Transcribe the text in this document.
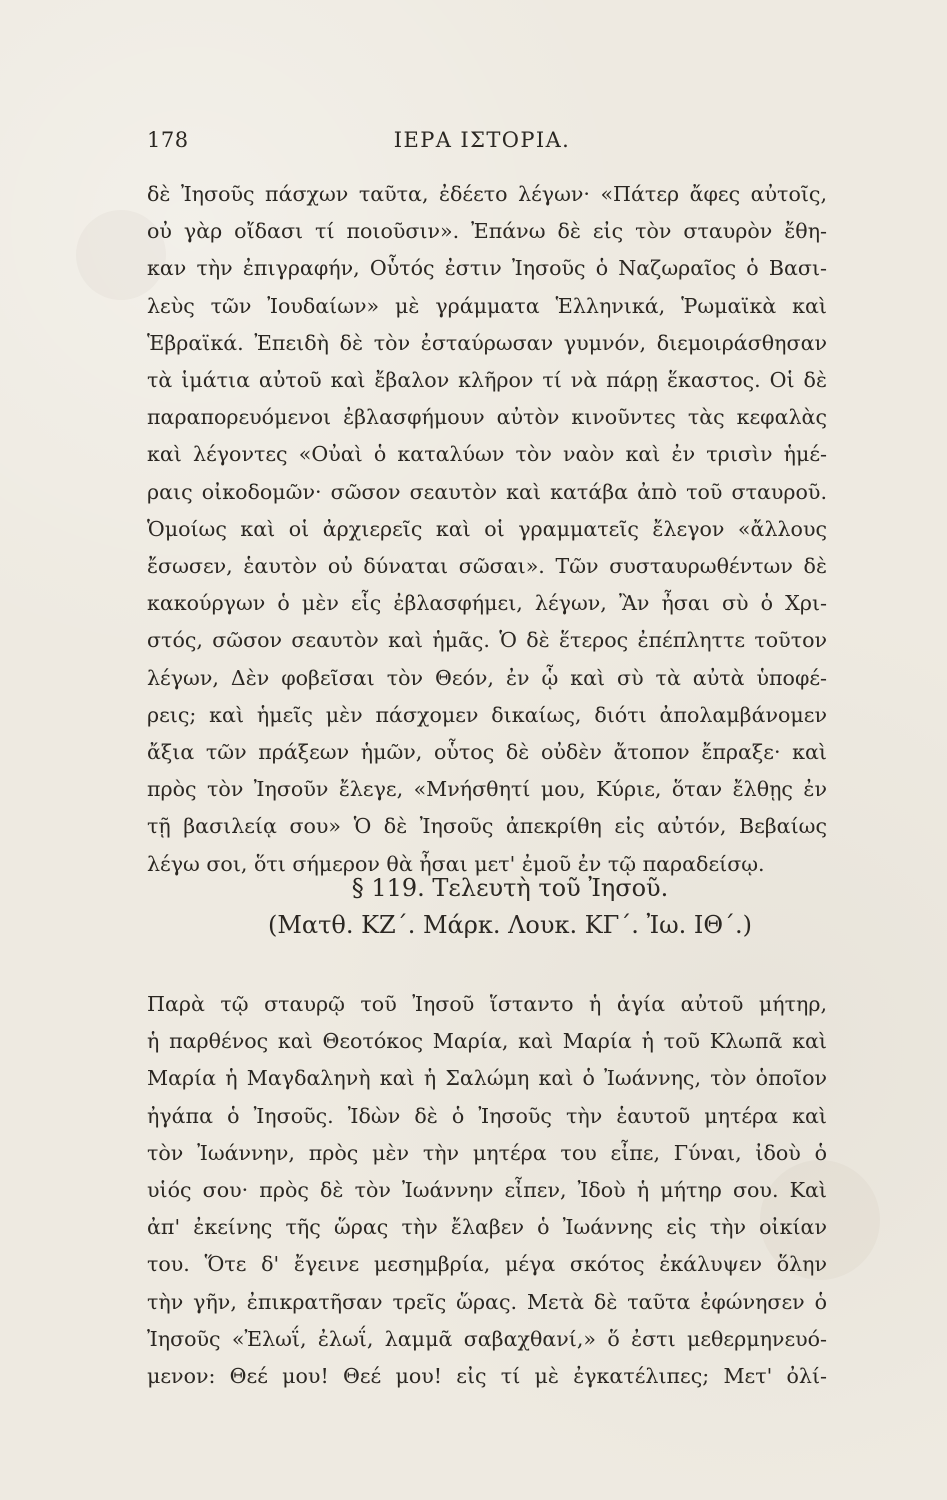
178	ΙΕΡΑ ΙΣΤΟΡΙΑ.
δὲ Ἰησοῦς πάσχων ταῦτα, ἐδέετο λέγων· «Πάτερ ἄφες αὐτοῖς,
οὐ γὰρ οἴδασι τί ποιοῦσιν». Ἐπάνω δὲ εἰς τὸν σταυρὸν ἔθη-
καν τὴν ἐπιγραφήν, Οὗτός ἐστιν Ἰησοῦς ὁ Ναζωραῖος ὁ Βασι-
λεὺς τῶν Ἰουδαίων» μὲ γράμματα Ἑλληνικά, Ῥωμαϊκὰ καὶ
Ἑβραϊκά. Ἐπειδὴ δὲ τὸν ἐσταύρωσαν γυμνόν, διεμοιράσθησαν
τὰ ἱμάτια αὐτοῦ καὶ ἔβαλον κλῆρον τί νὰ πάρῃ ἕκαστος. Οἱ δὲ
παραπορευόμενοι ἐβλασφήμουν αὐτὸν κινοῦντες τὰς κεφαλὰς
καὶ λέγοντες «Οὐαὶ ὁ καταλύων τὸν ναὸν καὶ ἐν τρισὶν ἡμέ-
ραις οἰκοδομῶν· σῶσον σεαυτὸν καὶ κατάβα ἀπὸ τοῦ σταυροῦ.
Ὁμοίως καὶ οἱ ἀρχιερεῖς καὶ οἱ γραμματεῖς ἔλεγον «ἄλλους
ἔσωσεν, ἑαυτὸν οὐ δύναται σῶσαι». Τῶν συσταυρωθέντων δὲ
κακούργων ὁ μὲν εἷς ἐβλασφήμει, λέγων, Ἂν ἦσαι σὺ ὁ Χρι-
στός, σῶσον σεαυτὸν καὶ ἡμᾶς. Ὁ δὲ ἕτερος ἐπέπληττε τοῦτον
λέγων, Δὲν φοβεῖσαι τὸν Θεόν, ἐν ᾧ καὶ σὺ τὰ αὐτὰ ὑποφέ-
ρεις; καὶ ἡμεῖς μὲν πάσχομεν δικαίως, διότι ἀπολαμβάνομεν
ἄξια τῶν πράξεων ἡμῶν, οὗτος δὲ οὐδὲν ἄτοπον ἔπραξε· καὶ
πρὸς τὸν Ἰησοῦν ἔλεγε, «Μνήσθητί μου, Κύριε, ὅταν ἔλθῃς ἐν
τῇ βασιλείᾳ σου» Ὁ δὲ Ἰησοῦς ἀπεκρίθη εἰς αὐτόν, Βεβαίως
λέγω σοι, ὅτι σήμερον θὰ ἦσαι μετ' ἐμοῦ ἐν τῷ παραδείσῳ.
§ 119. Τελευτὴ τοῦ Ἰησοῦ.
(Ματθ. ΚΖ΄. Μάρκ. Λουκ. ΚΓ΄. Ἰω. ΙΘ΄.)
Παρὰ τῷ σταυρῷ τοῦ Ἰησοῦ ἵσταντο ἡ ἁγία αὐτοῦ μήτηρ,
ἡ παρθένος καὶ Θεοτόκος Μαρία, καὶ Μαρία ἡ τοῦ Κλωπᾶ καὶ
Μαρία ἡ Μαγδαληνὴ καὶ ἡ Σαλώμη καὶ ὁ Ἰωάννης, τὸν ὁποῖον
ἠγάπα ὁ Ἰησοῦς. Ἰδὼν δὲ ὁ Ἰησοῦς τὴν ἑαυτοῦ μητέρα καὶ
τὸν Ἰωάννην, πρὸς μὲν τὴν μητέρα του εἶπε, Γύναι, ἰδοὺ ὁ
υἱός σου· πρὸς δὲ τὸν Ἰωάννην εἶπεν, Ἰδοὺ ἡ μήτηρ σου. Καὶ
ἀπ' ἐκείνης τῆς ὥρας τὴν ἔλαβεν ὁ Ἰωάννης εἰς τὴν οἰκίαν
του. Ὅτε δ' ἔγεινε μεσημβρία, μέγα σκότος ἐκάλυψεν ὅλην
τὴν γῆν, ἐπικρατῆσαν τρεῖς ὥρας. Μετὰ δὲ ταῦτα ἐφώνησεν ὁ
Ἰησοῦς «Ἐλωΐ, ἐλωΐ, λαμμᾶ σαβαχθανί,» ὅ ἐστι μεθερμηνευό-
μενον: Θεέ μου! Θεέ μου! εἰς τί μὲ ἐγκατέλιπες; Μετ' ὀλί-
